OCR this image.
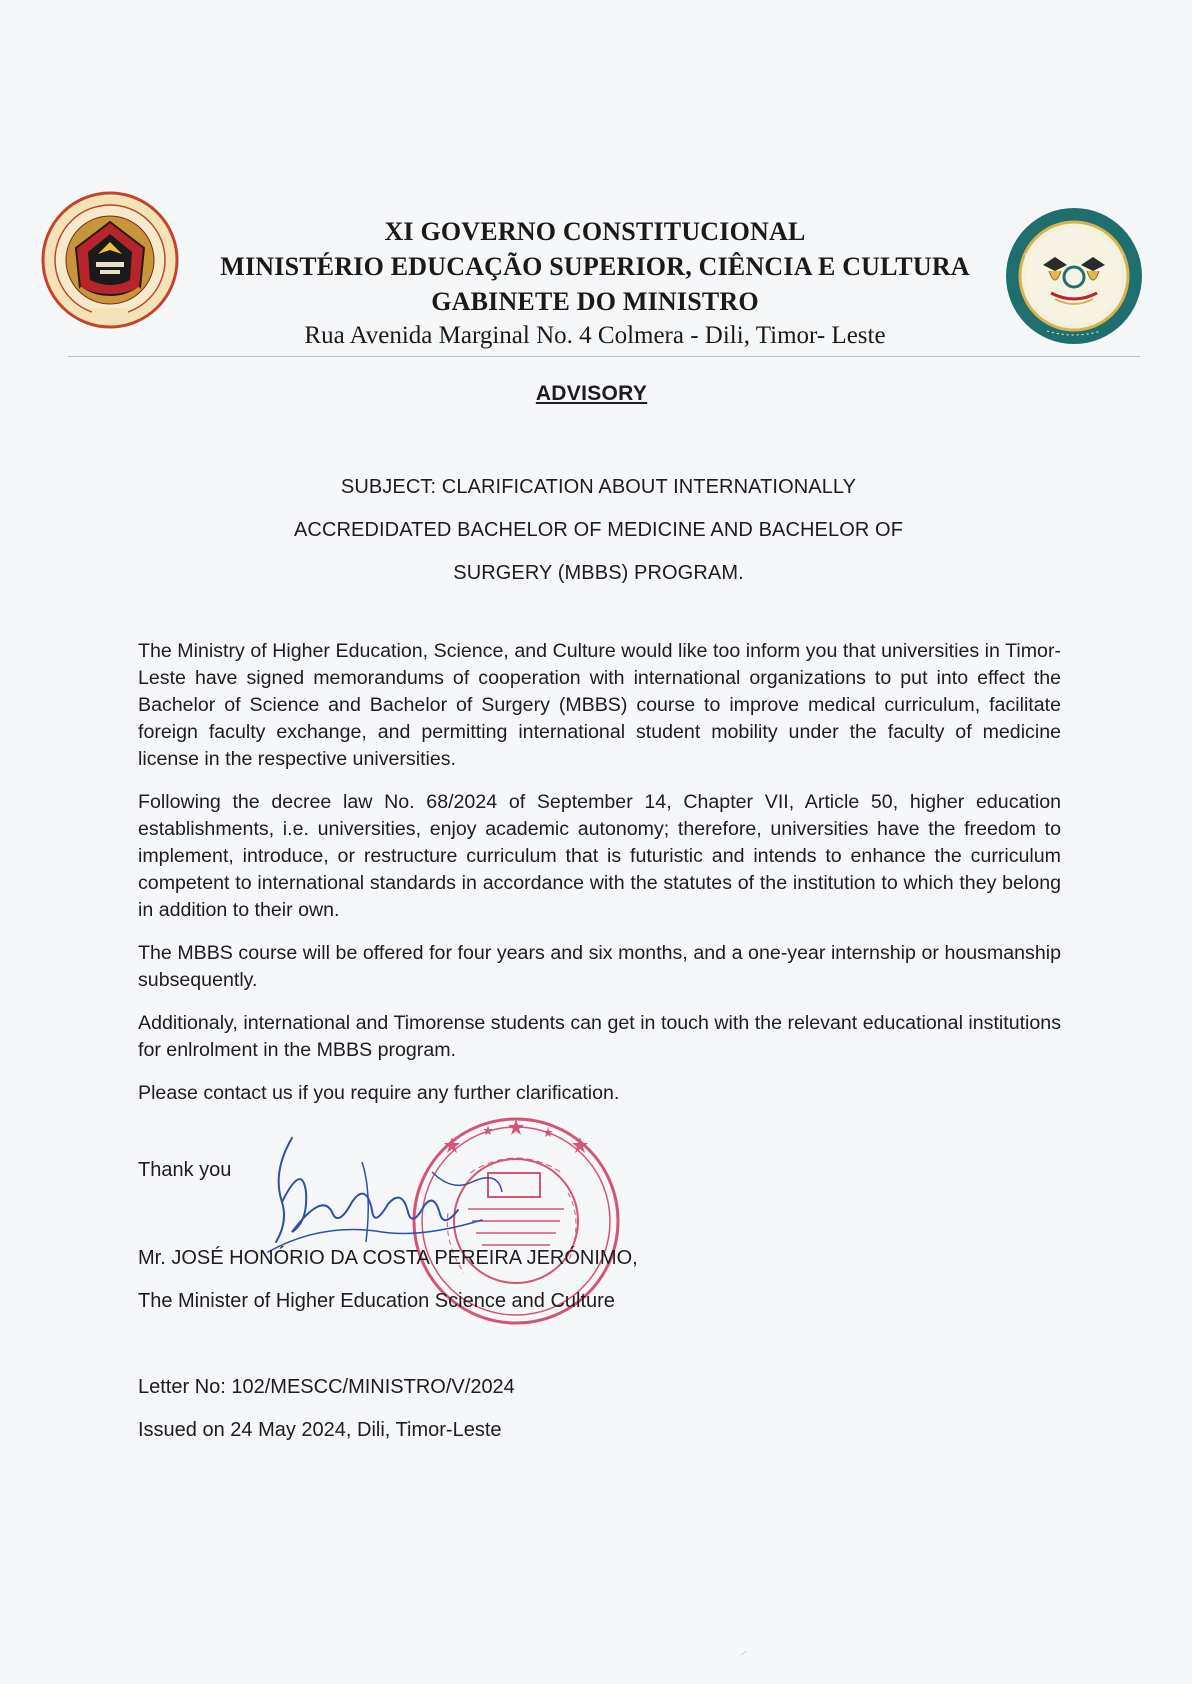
XI GOVERNO CONSTITUCIONAL
MINISTÉRIO EDUCAÇÃO SUPERIOR, CIÊNCIA E CULTURA
GABINETE DO MINISTRO
Rua Avenida Marginal No. 4 Colmera - Dili, Timor- Leste
ADVISORY
SUBJECT: CLARIFICATION ABOUT INTERNATIONALLY
ACCREDIDATED BACHELOR OF MEDICINE AND BACHELOR OF
SURGERY (MBBS) PROGRAM.

The Ministry of Higher Education, Science, and Culture would like too inform you that universities in Timor-Leste have signed memorandums of cooperation with international organizations to put into effect the Bachelor of Science and Bachelor of Surgery (MBBS) course to improve medical curriculum, facilitate foreign faculty exchange, and permitting international student mobility under the faculty of medicine license in the respective universities.

Following the decree law No. 68/2024 of September 14, Chapter VII, Article 50, higher education establishments, i.e. universities, enjoy academic autonomy; therefore, universities have the freedom to implement, introduce, or restructure curriculum that is futuristic and intends to enhance the curriculum competent to international standards in accordance with the statutes of the institution to which they belong in addition to their own.

The MBBS course will be offered for four years and six months, and a one-year internship or housmanship subsequently.

Additionaly, international and Timorense students can get in touch with the relevant educational institutions for enlrolment in the MBBS program.

Please contact us if you require any further clarification.

Thank you
Mr. JOSÉ HONÓRIO DA COSTA PEREIRA JERÓNIMO,
The Minister of Higher Education Science and Culture
Letter No: 102/MESCC/MINISTRO/V/2024
Issued on 24 May 2024, Dili, Timor-Leste
